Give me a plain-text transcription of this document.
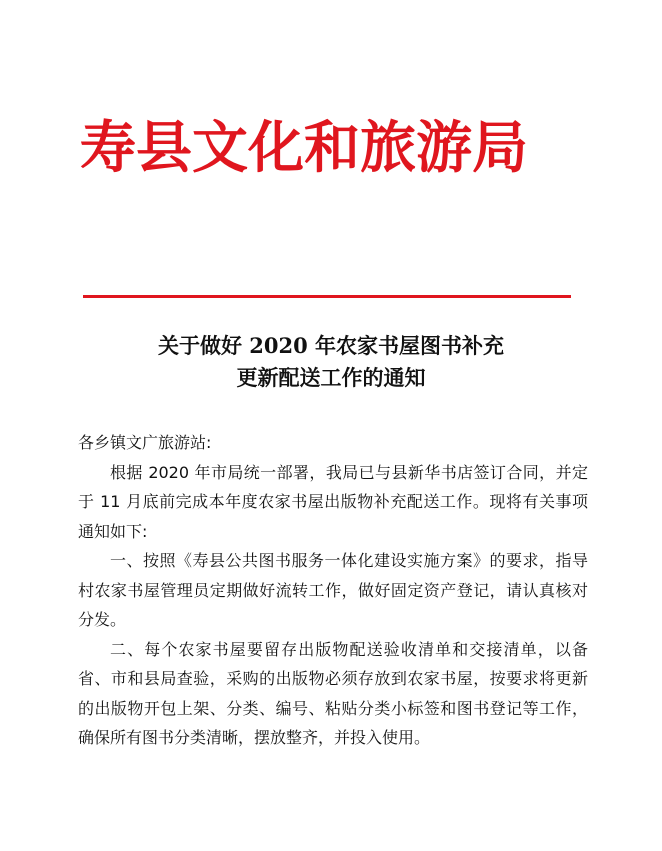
寿县文化和旅游局
关于做好 2020 年农家书屋图书补充
更新配送工作的通知

各乡镇文广旅游站:

根据 2020 年市局统一部署，我局已与县新华书店签订合同，并定于 11 月底前完成本年度农家书屋出版物补充配送工作。现将有关事项通知如下:

一、按照《寿县公共图书服务一体化建设实施方案》的要求，指导村农家书屋管理员定期做好流转工作，做好固定资产登记，请认真核对分发。

二、每个农家书屋要留存出版物配送验收清单和交接清单，以备省、市和县局查验，采购的出版物必须存放到农家书屋，按要求将更新的出版物开包上架、分类、编号、粘贴分类小标签和图书登记等工作，确保所有图书分类清晰，摆放整齐，并投入使用。
